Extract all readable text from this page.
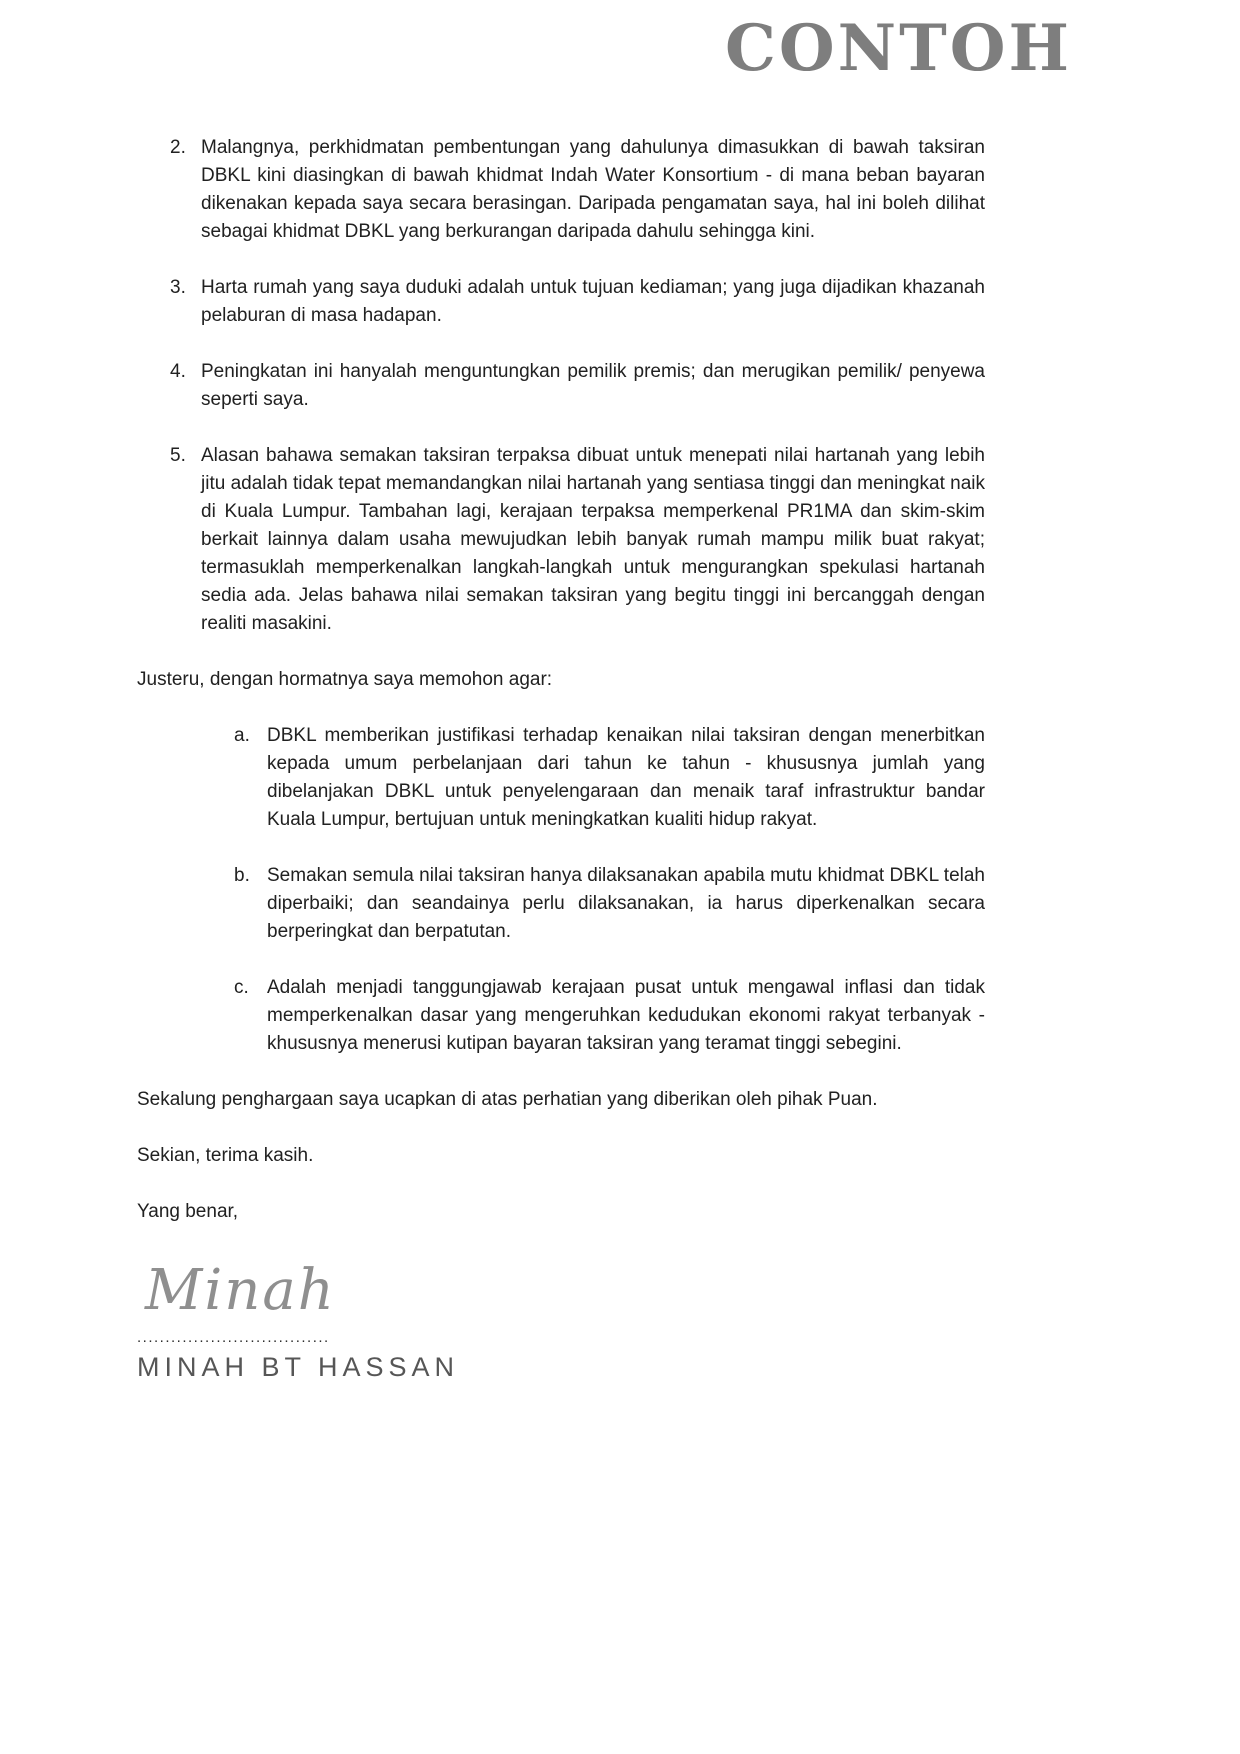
CONTOH
2. Malangnya, perkhidmatan pembentungan yang dahulunya dimasukkan di bawah taksiran DBKL kini diasingkan di bawah khidmat Indah Water Konsortium - di mana beban bayaran dikenakan kepada saya secara berasingan. Daripada pengamatan saya, hal ini boleh dilihat sebagai khidmat DBKL yang berkurangan daripada dahulu sehingga kini.
3. Harta rumah yang saya duduki adalah untuk tujuan kediaman; yang juga dijadikan khazanah pelaburan di masa hadapan.
4. Peningkatan ini hanyalah menguntungkan pemilik premis; dan merugikan pemilik/ penyewa seperti saya.
5. Alasan bahawa semakan taksiran terpaksa dibuat untuk menepati nilai hartanah yang lebih jitu adalah tidak tepat memandangkan nilai hartanah yang sentiasa tinggi dan meningkat naik di Kuala Lumpur. Tambahan lagi, kerajaan terpaksa memperkenal PR1MA dan skim-skim berkait lainnya dalam usaha mewujudkan lebih banyak rumah mampu milik buat rakyat; termasuklah memperkenalkan langkah-langkah untuk mengurangkan spekulasi hartanah sedia ada. Jelas bahawa nilai semakan taksiran yang begitu tinggi ini bercanggah dengan realiti masakini.

Justeru, dengan hormatnya saya memohon agar:

a. DBKL memberikan justifikasi terhadap kenaikan nilai taksiran dengan menerbitkan kepada umum perbelanjaan dari tahun ke tahun - khususnya jumlah yang dibelanjakan DBKL untuk penyelengaraan dan menaik taraf infrastruktur bandar Kuala Lumpur, bertujuan untuk meningkatkan kualiti hidup rakyat.
b. Semakan semula nilai taksiran hanya dilaksanakan apabila mutu khidmat DBKL telah diperbaiki; dan seandainya perlu dilaksanakan, ia harus diperkenalkan secara berperingkat dan berpatutan.
c. Adalah menjadi tanggungjawab kerajaan pusat untuk mengawal inflasi dan tidak memperkenalkan dasar yang mengeruhkan kedudukan ekonomi rakyat terbanyak - khususnya menerusi kutipan bayaran taksiran yang teramat tinggi sebegini.

Sekalung penghargaan saya ucapkan di atas perhatian yang diberikan oleh pihak Puan.

Sekian, terima kasih.

Yang benar,

Minah
..................................
MINAH BT HASSAN
